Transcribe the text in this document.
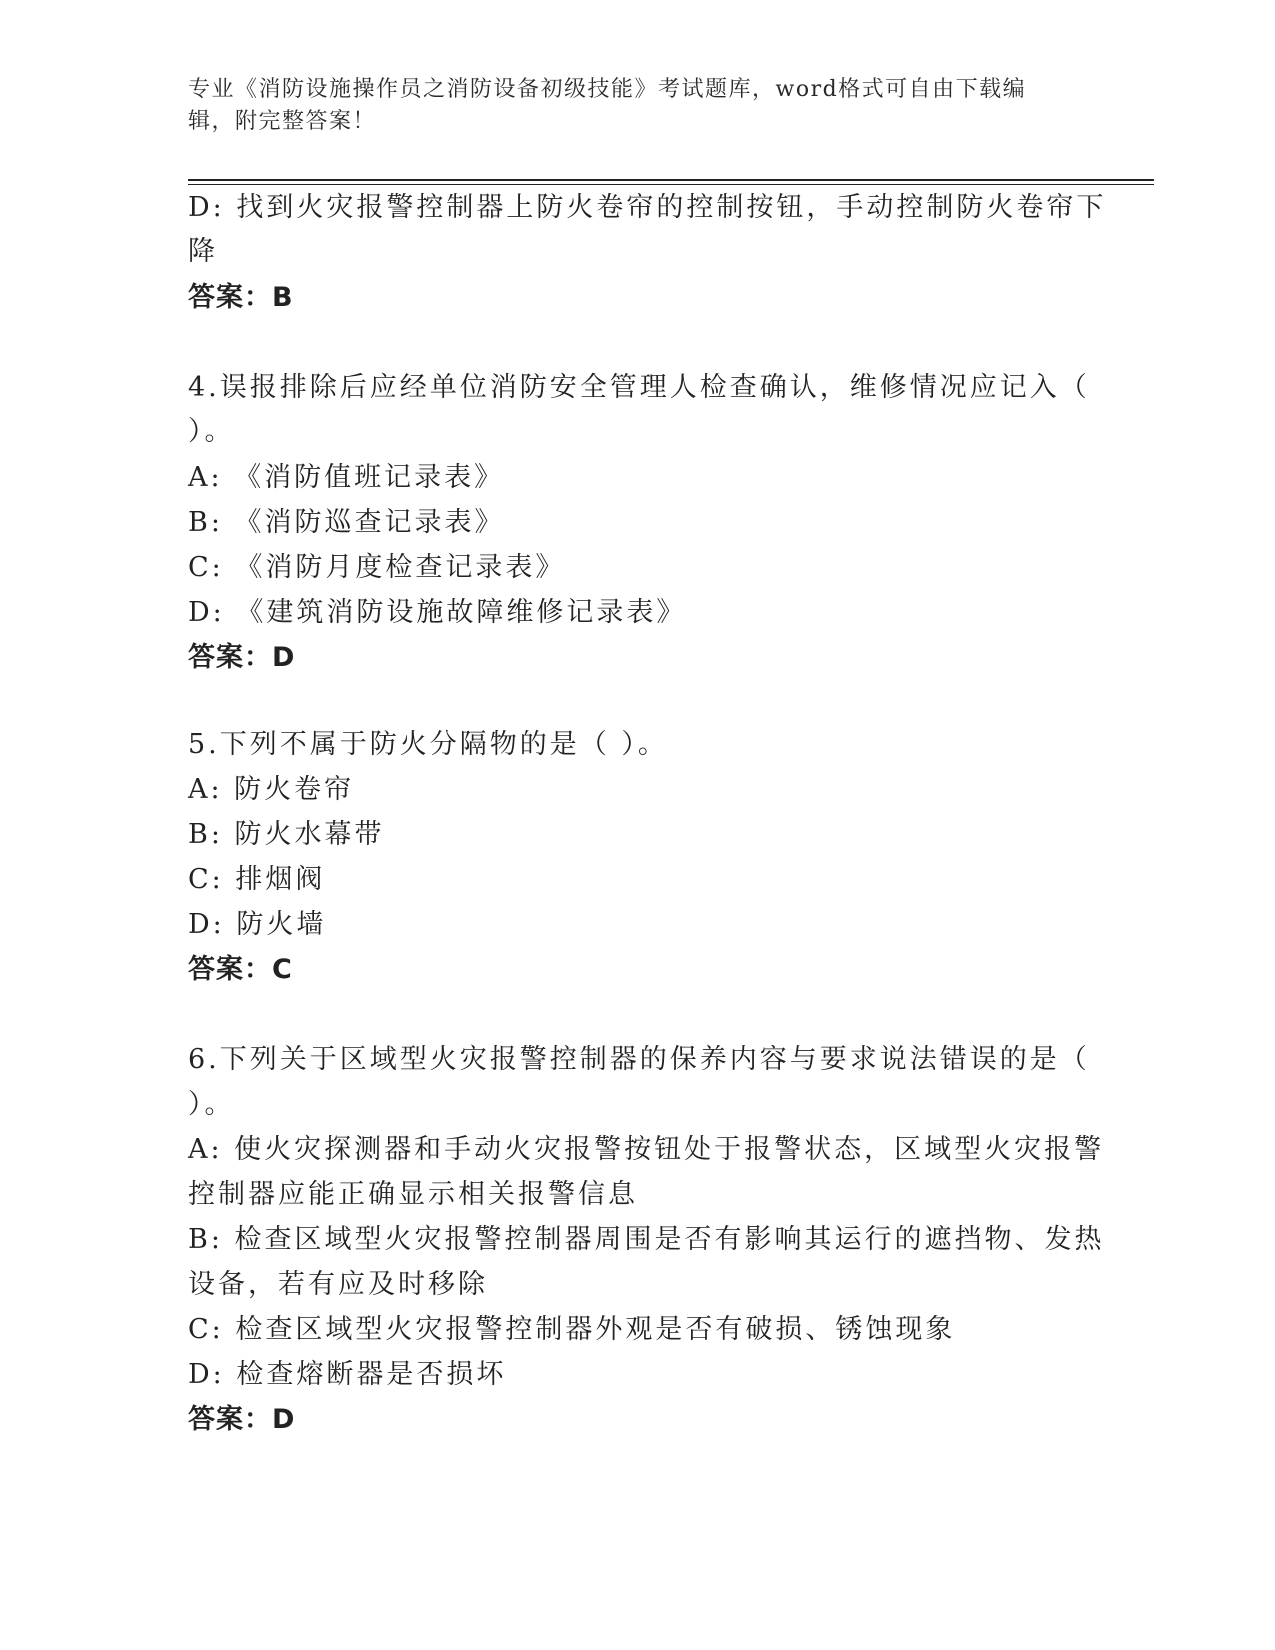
专业《消防设施操作员之消防设备初级技能》考试题库，word格式可自由下载编
辑，附完整答案！
D: 找到火灾报警控制器上防火卷帘的控制按钮，手动控制防火卷帘下
降
答案：B
4.误报排除后应经单位消防安全管理人检查确认，维修情况应记入（
）。
A: 《消防值班记录表》
B: 《消防巡查记录表》
C: 《消防月度检查记录表》
D: 《建筑消防设施故障维修记录表》
答案：D
5.下列不属于防火分隔物的是（ ）。
A: 防火卷帘
B: 防火水幕带
C: 排烟阀
D: 防火墙
答案：C
6.下列关于区域型火灾报警控制器的保养内容与要求说法错误的是（
）。
A: 使火灾探测器和手动火灾报警按钮处于报警状态，区域型火灾报警
控制器应能正确显示相关报警信息
B: 检查区域型火灾报警控制器周围是否有影响其运行的遮挡物、发热
设备，若有应及时移除
C: 检查区域型火灾报警控制器外观是否有破损、锈蚀现象
D: 检查熔断器是否损坏
答案：D
